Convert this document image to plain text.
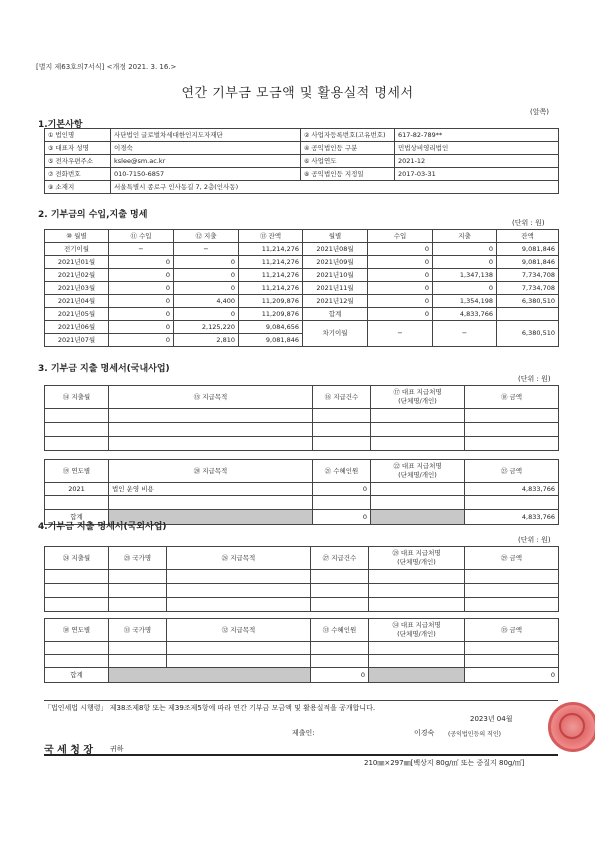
[별지 제63호의7서식] <개정 2021. 3. 16.>
연간 기부금 모금액 및 활용실적 명세서
(앞쪽)
1.기본사항
① 법인명	사단법인 글로벌차세대한인지도자재단	② 사업자등록번호(고유번호)	617-82-789**
③ 대표자 성명	이경숙	④ 공익법인등 구분	민법상비영리법인
⑤ 전자우편주소	kslee@sm.ac.kr	⑥ 사업연도	2021-12
⑦ 전화번호	010-7150-6857	⑧ 공익법인등 지정일	2017-03-31
⑨ 소재지	서울특별시 종로구 인사동길 7, 2층(인사동)		
2. 기부금의 수입,지출 명세
(단위 : 원)
⑩ 월별	⑪ 수입	⑫ 지출	⑬ 잔액	월별	수입	지출	잔액
전기이월	−	−	11,214,276	2021년08월	0	0	9,081,846
2021년01월	0	0	11,214,276	2021년09월	0	0	9,081,846
2021년02월	0	0	11,214,276	2021년10월	0	1,347,138	7,734,708
2021년03월	0	0	11,214,276	2021년11월	0	0	7,734,708
2021년04월	0	4,400	11,209,876	2021년12월	0	1,354,198	6,380,510
2021년05월	0	0	11,209,876	합계	0	4,833,766	
2021년06월	0	2,125,220	9,084,656	차기이월	−	−	6,380,510
2021년07월	0	2,810	9,081,846				
3. 기부금 지출 명세서(국내사업)
(단위 : 원)
⑭ 지출월	⑮ 지급목적	⑯ 지급건수	⑰ 대표 지급처명
(단체명/개인)	⑱ 금액

⑲ 연도별	⑳ 지급목적	㉑ 수혜인원	㉒ 대표 지급처명
(단체명/개인)	㉓ 금액
2021	법인 운영 비용	0		4,833,766

합계		0		4,833,766
4.기부금 지출 명세서(국외사업)
(단위 : 원)
㉔ 지출월	㉕ 국가명	㉖ 지급목적	㉗ 지급건수	㉘ 대표 지급처명
(단체명/개인)	㉙ 금액

㉚ 연도별	㉛ 국가명	㉜ 지급목적	㉝ 수혜인원	㉞ 대표 지급처명
(단체명/개인)	㉟ 금액

합계			0		0
「법인세법 시행령」 제38조제8항 또는 제39조제5항에 따라 연간 기부금 모금액 및 활용실적을 공개합니다.
2023년 04월
제출인:	이경숙 (공익법인등의 직인)
국 세 청 장 귀하
210㎜×297㎜[백상지 80g/㎡ 또는 중질지 80g/㎡]
